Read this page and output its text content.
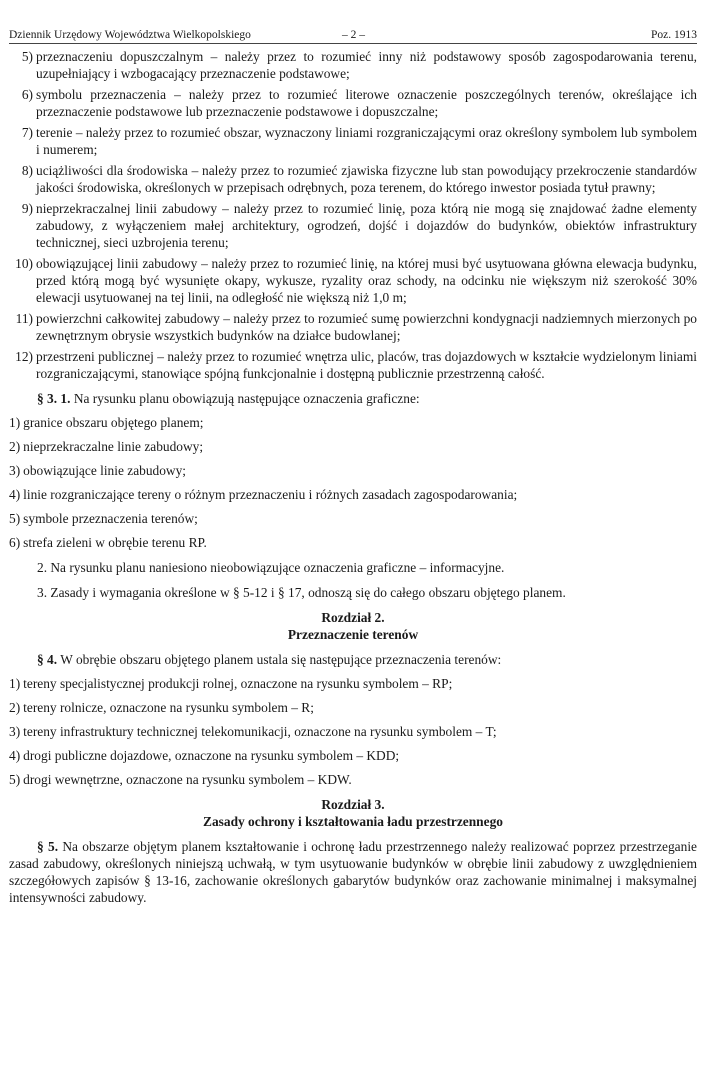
Dziennik Urzędowy Województwa Wielkopolskiego	– 2 –	Poz. 1913
5) przeznaczeniu dopuszczalnym – należy przez to rozumieć inny niż podstawowy sposób zagospodarowania terenu, uzupełniający i wzbogacający przeznaczenie podstawowe;
6) symbolu przeznaczenia – należy przez to rozumieć literowe oznaczenie poszczególnych terenów, określające ich przeznaczenie podstawowe lub przeznaczenie podstawowe i dopuszczalne;
7) terenie – należy przez to rozumieć obszar, wyznaczony liniami rozgraniczającymi oraz określony symbolem lub symbolem i numerem;
8) uciążliwości dla środowiska – należy przez to rozumieć zjawiska fizyczne lub stan powodujący przekroczenie standardów jakości środowiska, określonych w przepisach odrębnych, poza terenem, do którego inwestor posiada tytuł prawny;
9) nieprzekraczalnej linii zabudowy – należy przez to rozumieć linię, poza którą nie mogą się znajdować żadne elementy zabudowy, z wyłączeniem małej architektury, ogrodzeń, dojść i dojazdów do budynków, obiektów infrastruktury technicznej, sieci uzbrojenia terenu;
10) obowiązującej linii zabudowy – należy przez to rozumieć linię, na której musi być usytuowana główna elewacja budynku, przed którą mogą być wysunięte okapy, wykusze, ryzality oraz schody, na odcinku nie większym niż szerokość 30% elewacji usytuowanej na tej linii, na odległość nie większą niż 1,0 m;
11) powierzchni całkowitej zabudowy – należy przez to rozumieć sumę powierzchni kondygnacji nadziemnych mierzonych po zewnętrznym obrysie wszystkich budynków na działce budowlanej;
12) przestrzeni publicznej – należy przez to rozumieć wnętrza ulic, placów, tras dojazdowych w kształcie wydzielonym liniami rozgraniczającymi, stanowiące spójną funkcjonalnie i dostępną publicznie przestrzenną całość.
§ 3. 1. Na rysunku planu obowiązują następujące oznaczenia graficzne:
1) granice obszaru objętego planem;
2) nieprzekraczalne linie zabudowy;
3) obowiązujące linie zabudowy;
4) linie rozgraniczające tereny o różnym przeznaczeniu i różnych zasadach zagospodarowania;
5) symbole przeznaczenia terenów;
6) strefa zieleni w obrębie terenu RP.
2. Na rysunku planu naniesiono nieobowiązujące oznaczenia graficzne – informacyjne.
3. Zasady i wymagania określone w § 5-12 i § 17, odnoszą się do całego obszaru objętego planem.
Rozdział 2.
Przeznaczenie terenów
§ 4. W obrębie obszaru objętego planem ustala się następujące przeznaczenia terenów:
1) tereny specjalistycznej produkcji rolnej, oznaczone na rysunku symbolem – RP;
2) tereny rolnicze, oznaczone na rysunku symbolem – R;
3) tereny infrastruktury technicznej telekomunikacji, oznaczone na rysunku symbolem – T;
4) drogi publiczne dojazdowe, oznaczone na rysunku symbolem – KDD;
5) drogi wewnętrzne, oznaczone na rysunku symbolem – KDW.
Rozdział 3.
Zasady ochrony i kształtowania ładu przestrzennego
§ 5. Na obszarze objętym planem kształtowanie i ochronę ładu przestrzennego należy realizować poprzez przestrzeganie zasad zabudowy, określonych niniejszą uchwałą, w tym usytuowanie budynków w obrębie linii zabudowy z uwzględnieniem szczegółowych zapisów § 13-16, zachowanie określonych gabarytów budynków oraz zachowanie minimalnej i maksymalnej intensywności zabudowy.
